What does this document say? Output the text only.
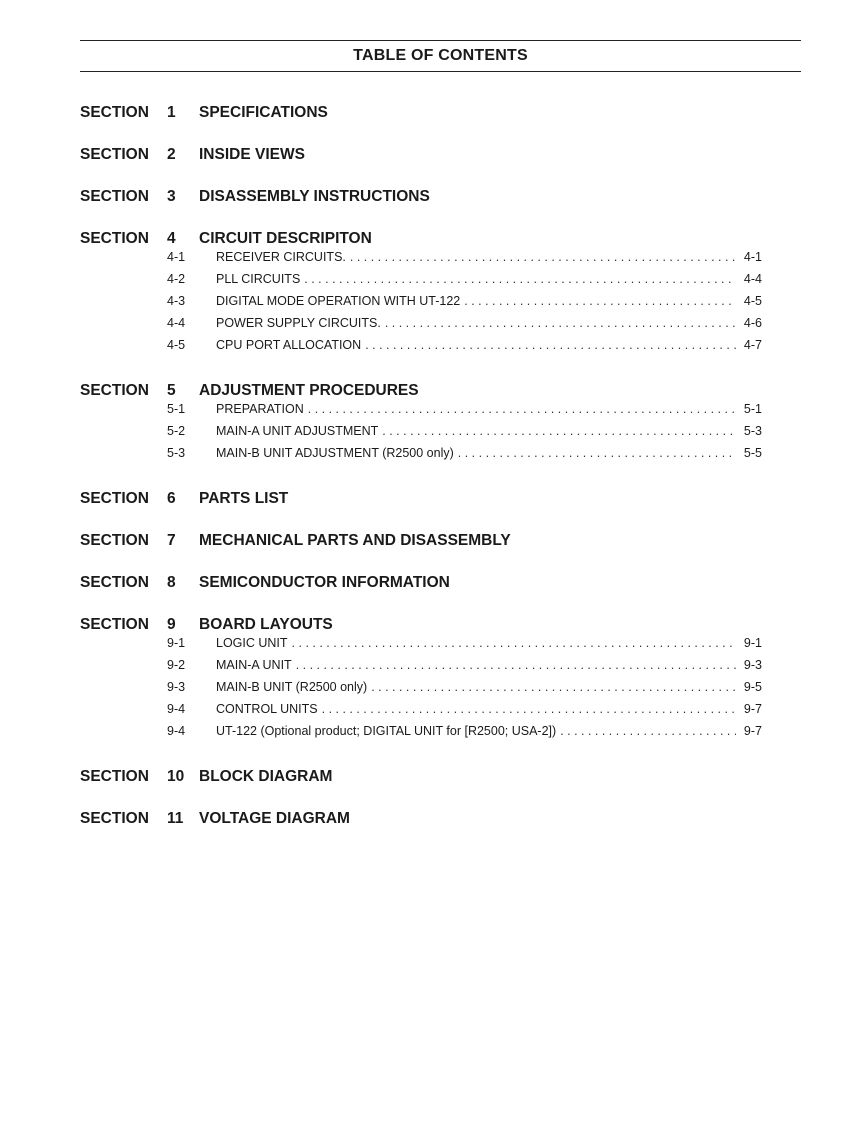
TABLE OF CONTENTS
SECTION	1	SPECIFICATIONS
SECTION	2	INSIDE VIEWS
SECTION	3	DISASSEMBLY INSTRUCTIONS
SECTION	4	CIRCUIT DESCRIPITON
4-1	RECEIVER CIRCUITS. . . .	4-1
4-2	PLL CIRCUITS . . .	4-4
4-3	DIGITAL MODE OPERATION WITH UT-122 . . .	4-5
4-4	POWER SUPPLY CIRCUITS. . . .	4-6
4-5	CPU PORT ALLOCATION . . .	4-7
SECTION	5	ADJUSTMENT PROCEDURES
5-1	PREPARATION . . .	5-1
5-2	MAIN-A UNIT ADJUSTMENT . . .	5-3
5-3	MAIN-B UNIT ADJUSTMENT (R2500 only) . . .	5-5
SECTION	6	PARTS LIST
SECTION	7	MECHANICAL PARTS AND DISASSEMBLY
SECTION	8	SEMICONDUCTOR INFORMATION
SECTION	9	BOARD LAYOUTS
9-1	LOGIC UNIT . . .	9-1
9-2	MAIN-A UNIT . . .	9-3
9-3	MAIN-B UNIT (R2500 only) . . .	9-5
9-4	CONTROL UNITS . . .	9-7
9-4	UT-122 (Optional product; DIGITAL UNIT for [R2500; USA-2]) . . .	9-7
SECTION	10 BLOCK DIAGRAM
SECTION	11	VOLTAGE DIAGRAM
